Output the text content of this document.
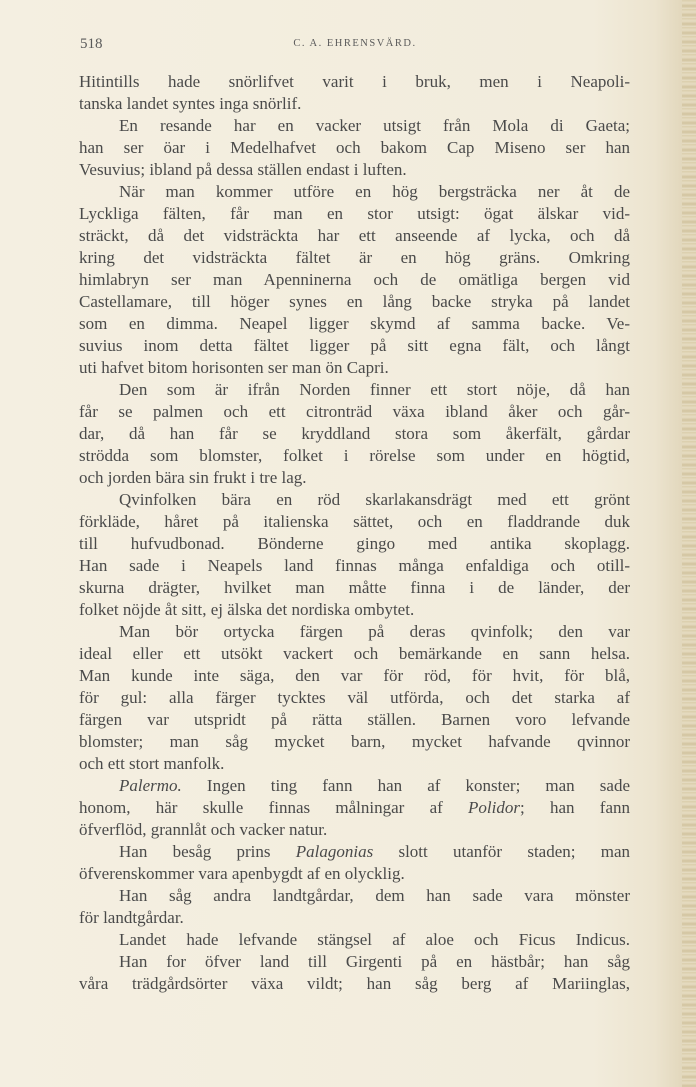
518	C. A. EHRENSVÄRD.
Hitintills hade snörlifvet varit i bruk, men i Neapoli-
tanska landet syntes inga snörlif.
En resande har en vacker utsigt från Mola di Gaeta;
han ser öar i Medelhafvet och bakom Cap Miseno ser han
Vesuvius; ibland på dessa ställen endast i luften.
När man kommer utföre en hög bergsträcka ner åt de
Lyckliga fälten, får man en stor utsigt: ögat älskar vid-
sträckt, då det vidsträckta har ett anseende af lycka, och då
kring det vidsträckta fältet är en hög gräns. Omkring
himlabryn ser man Apenninerna och de omätliga bergen vid
Castellamare, till höger synes en lång backe stryka på landet
som en dimma. Neapel ligger skymd af samma backe. Ve-
suvius inom detta fältet ligger på sitt egna fält, och långt
uti hafvet bitom horisonten ser man ön Capri.
Den som är ifrån Norden finner ett stort nöje, då han
får se palmen och ett citronträd växa ibland åker och går-
dar, då han får se kryddland stora som åkerfält, gårdar
strödda som blomster, folket i rörelse som under en högtid,
och jorden bära sin frukt i tre lag.
Qvinfolken bära en röd skarlakansdrägt med ett grönt
förkläde, håret på italienska sättet, och en fladdrande duk
till hufvudbonad. Bönderne gingo med antika skoplagg.
Han sade i Neapels land finnas många enfaldiga och otill-
skurna drägter, hvilket man måtte finna i de länder, der
folket nöjde åt sitt, ej älska det nordiska ombytet.
Man bör ortycka färgen på deras qvinfolk; den var
ideal eller ett utsökt vackert och bemärkande en sann helsa.
Man kunde inte säga, den var för röd, för hvit, för blå,
för gul: alla färger tycktes väl utförda, och det starka af
färgen var utspridt på rätta ställen. Barnen voro lefvande
blomster; man såg mycket barn, mycket hafvande qvinnor
och ett stort manfolk.
Palermo. Ingen ting fann han af konster; man sade
honom, här skulle finnas målningar af Polidor; han fann
öfverflöd, grannlåt och vacker natur.
Han besåg prins Palagonias slott utanför staden; man
öfverenskommer vara apenbygdt af en olycklig.
Han såg andra landtgårdar, dem han sade vara mönster
för landtgårdar.
Landet hade lefvande stängsel af aloe och Ficus Indicus.
Han for öfver land till Girgenti på en hästbår; han såg
våra trädgårdsörter växa vildt; han såg berg af Mariinglas,
